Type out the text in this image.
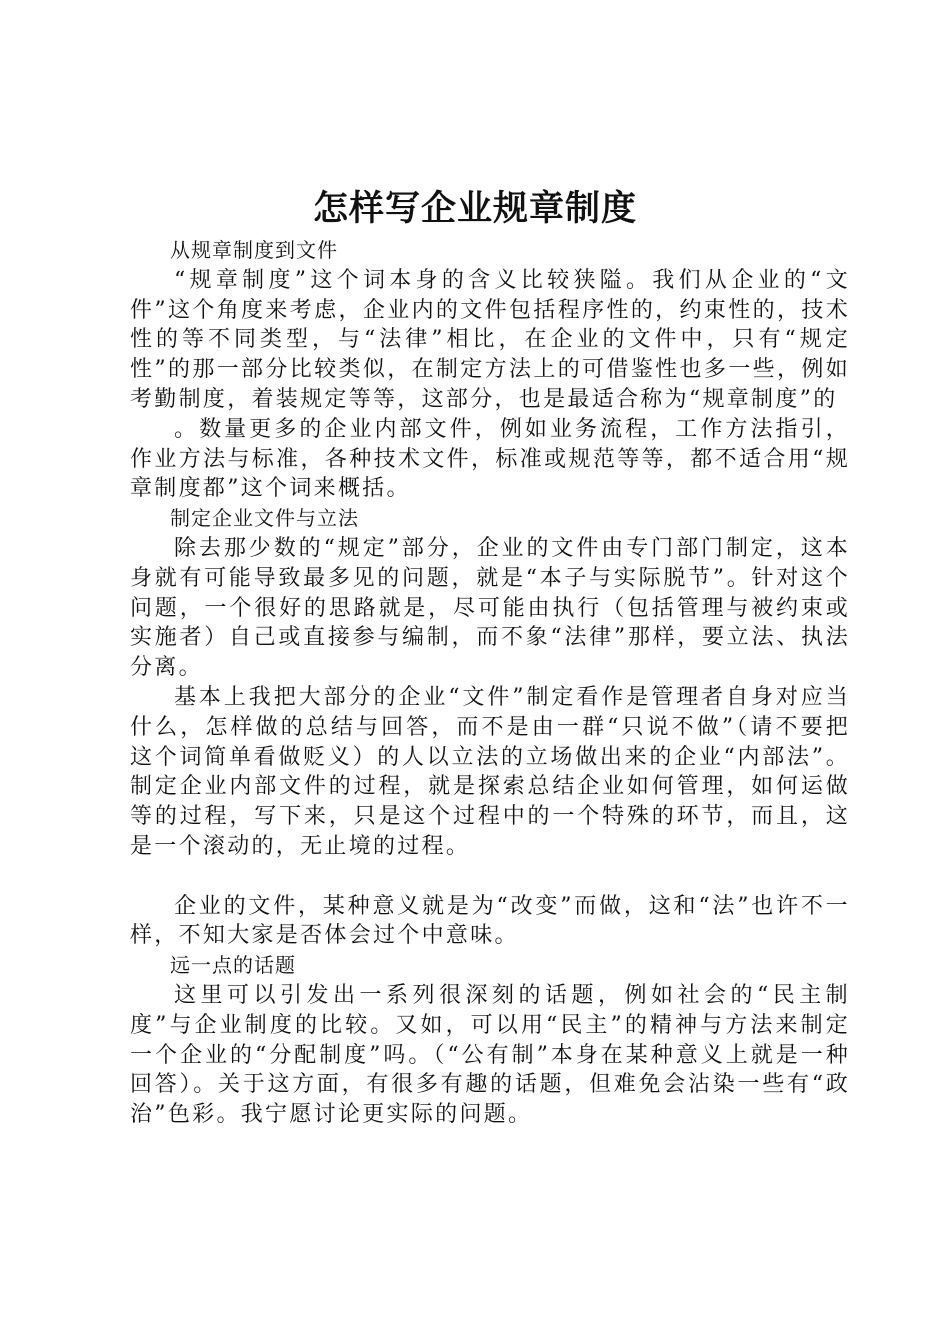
怎样写企业规章制度

从规章制度到文件

“规章制度”这个词本身的含义比较狭隘。我们从企业的“文件”这个角度来考虑，企业内的文件包括程序性的，约束性的，技术性的等不同类型，与“法律”相比，在企业的文件中，只有“规定性”的那一部分比较类似，在制定方法上的可借鉴性也多一些，例如考勤制度，着装规定等等，这部分，也是最适合称为“规章制度”的

。数量更多的企业内部文件，例如业务流程，工作方法指引，作业方法与标准，各种技术文件，标准或规范等等，都不适合用“规章制度都”这个词来概括。

制定企业文件与立法

除去那少数的“规定”部分，企业的文件由专门部门制定，这本身就有可能导致最多见的问题，就是“本子与实际脱节”。针对这个问题，一个很好的思路就是，尽可能由执行（包括管理与被约束或实施者）自己或直接参与编制，而不象“法律”那样，要立法、执法分离。

基本上我把大部分的企业“文件”制定看作是管理者自身对应当什么，怎样做的总结与回答，而不是由一群“只说不做”（请不要把这个词简单看做贬义）的人以立法的立场做出来的企业“内部法”。制定企业内部文件的过程，就是探索总结企业如何管理，如何运做等的过程，写下来，只是这个过程中的一个特殊的环节，而且，这是一个滚动的，无止境的过程。

企业的文件，某种意义就是为“改变”而做，这和“法”也许不一样，不知大家是否体会过个中意味。

远一点的话题

这里可以引发出一系列很深刻的话题，例如社会的“民主制度”与企业制度的比较。又如，可以用“民主”的精神与方法来制定一个企业的“分配制度”吗。（“公有制”本身在某种意义上就是一种回答）。关于这方面，有很多有趣的话题，但难免会沾染一些有“政治”色彩。我宁愿讨论更实际的问题。
